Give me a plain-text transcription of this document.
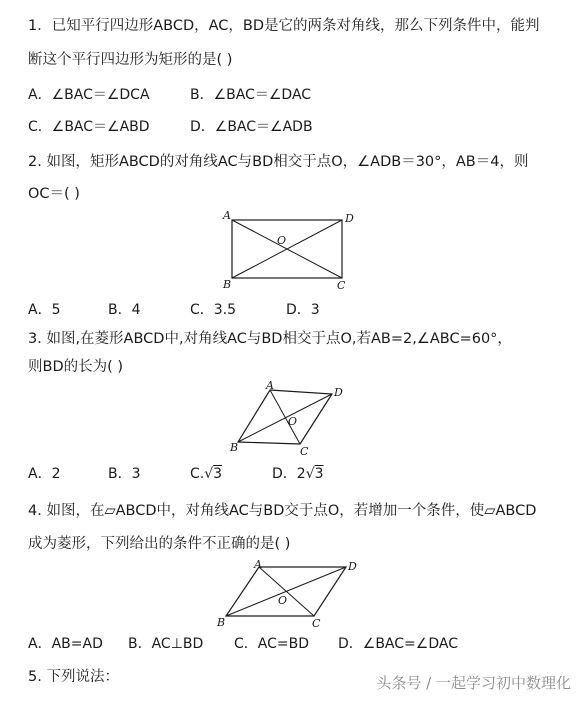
1．已知平行四边形ABCD，AC，BD是它的两条对角线，那么下列条件中，能判
断这个平行四边形为矩形的是( )
A．∠BAC＝∠DCA	B．∠BAC＝∠DAC
C．∠BAC＝∠ABD	D．∠BAC＝∠ADB
2. 如图，矩形ABCD的对角线AC与BD相交于点O，∠ADB＝30°，AB＝4，则
OC＝( )
A	D
B	C
O
A．5	B．4	C．3.5	D．3
3. 如图,在菱形ABCD中,对角线AC与BD相交于点O,若AB=2,∠ABC=60°，
则BD的长为( )
A
D
B	C
O
A．2	B．3	C.√3	D．2√3
4. 如图，在▱ABCD中，对角线AC与BD交于点O，若增加一个条件，使▱ABCD
成为菱形，下列给出的条件不正确的是( )
A	D
B	C
O
A．AB=AD B．AC⊥BD C．AC=BD D．∠BAC=∠DAC
5. 下列说法：	头条号 / 一起学习初中数理化
